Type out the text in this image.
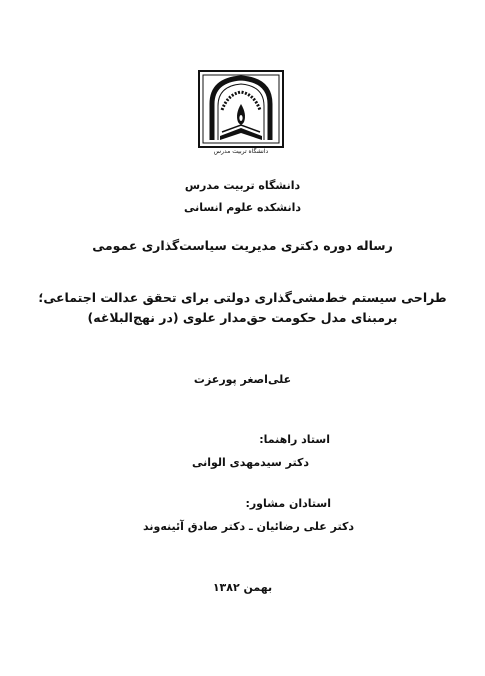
دانشگاه تربیت مدرس
دانشگاه تربیت مدرس
دانشکده علوم انسانی
رساله دوره دکتری مدیریت سیاست‌گذاری عمومی
طراحی سیستم خط‌مشی‌گذاری دولتی برای تحقق عدالت اجتماعی؛
برمبنای مدل حکومت حق‌مدار علوی (در نهج‌البلاغه)
علی‌اصغر پورعزت
استاد راهنما:
دکتر سیدمهدی الوانی
استادان مشاور:
دکتر علی رضائیان ـ دکتر صادق آئینه‌وند
بهمن ۱۳۸۲
